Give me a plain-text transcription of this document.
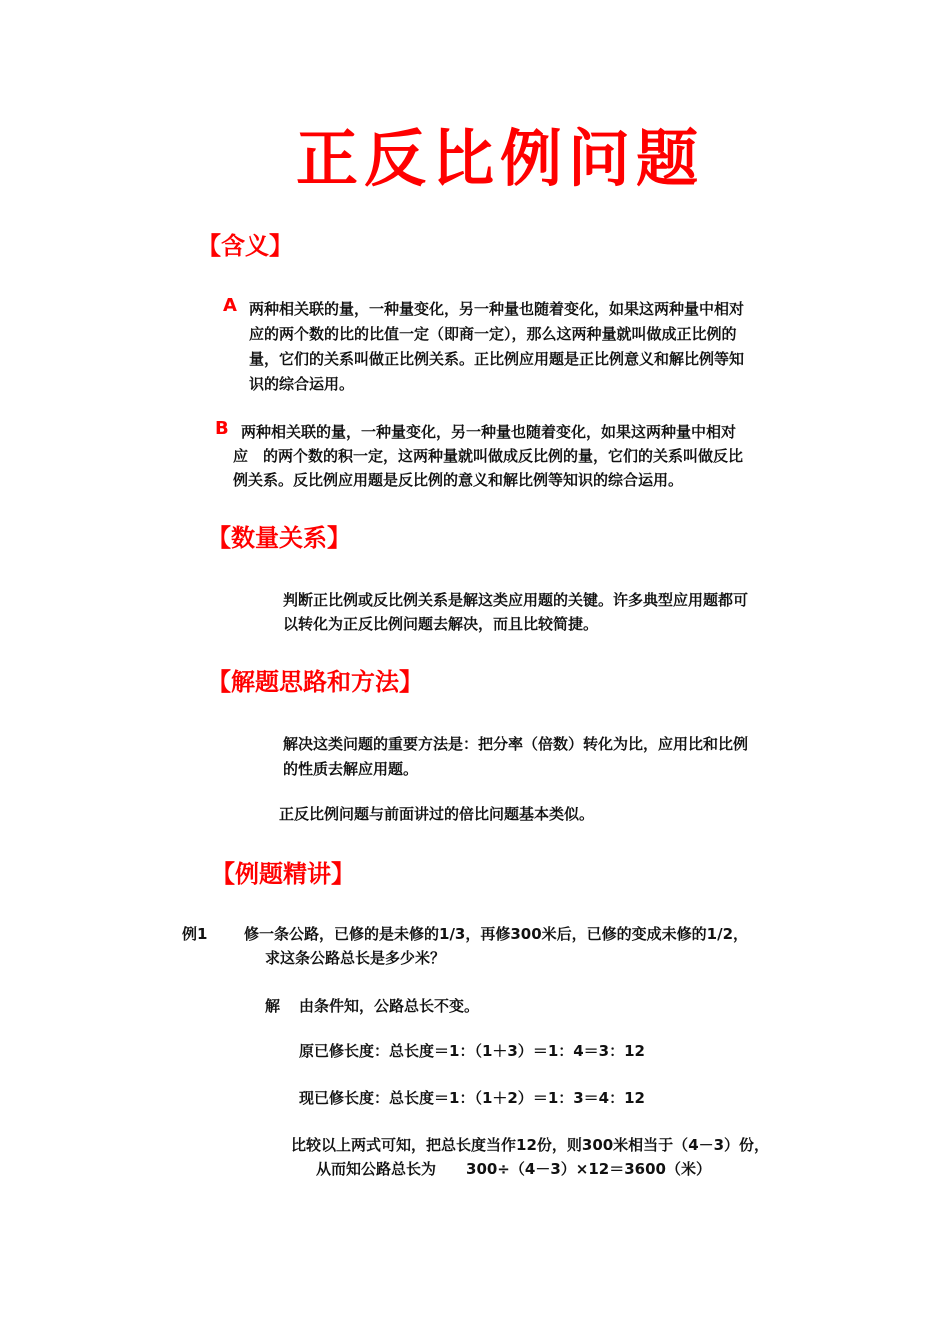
正反比例问题
【含义】
A 两种相关联的量，一种量变化，另一种量也随着变化，如果这两种量中相对
应的两个数的比的比值一定（即商一定），那么这两种量就叫做成正比例的
量，它们的关系叫做正比例关系。正比例应用题是正比例意义和解比例等知
识的综合运用。
B 两种相关联的量，一种量变化，另一种量也随着变化，如果这两种量中相对
应　的两个数的积一定，这两种量就叫做成反比例的量，它们的关系叫做反比
例关系。反比例应用题是反比例的意义和解比例等知识的综合运用。
【数量关系】
判断正比例或反比例关系是解这类应用题的关键。许多典型应用题都可
以转化为正反比例问题去解决，而且比较简捷。
【解题思路和方法】
解决这类问题的重要方法是：把分率（倍数）转化为比，应用比和比例
的性质去解应用题。
正反比例问题与前面讲过的倍比问题基本类似。
【例题精讲】
例1 修一条公路，已修的是未修的1/3，再修300米后，已修的变成未修的1/2，
求这条公路总长是多少米？
解 由条件知，公路总长不变。
原已修长度：总长度＝1：（1＋3）＝1：4＝3：12
现已修长度：总长度＝1：（1＋2）＝1：3＝4：12
比较以上两式可知，把总长度当作12份，则300米相当于（4－3）份，
从而知公路总长为　　300÷（4－3）×12＝3600（米）
